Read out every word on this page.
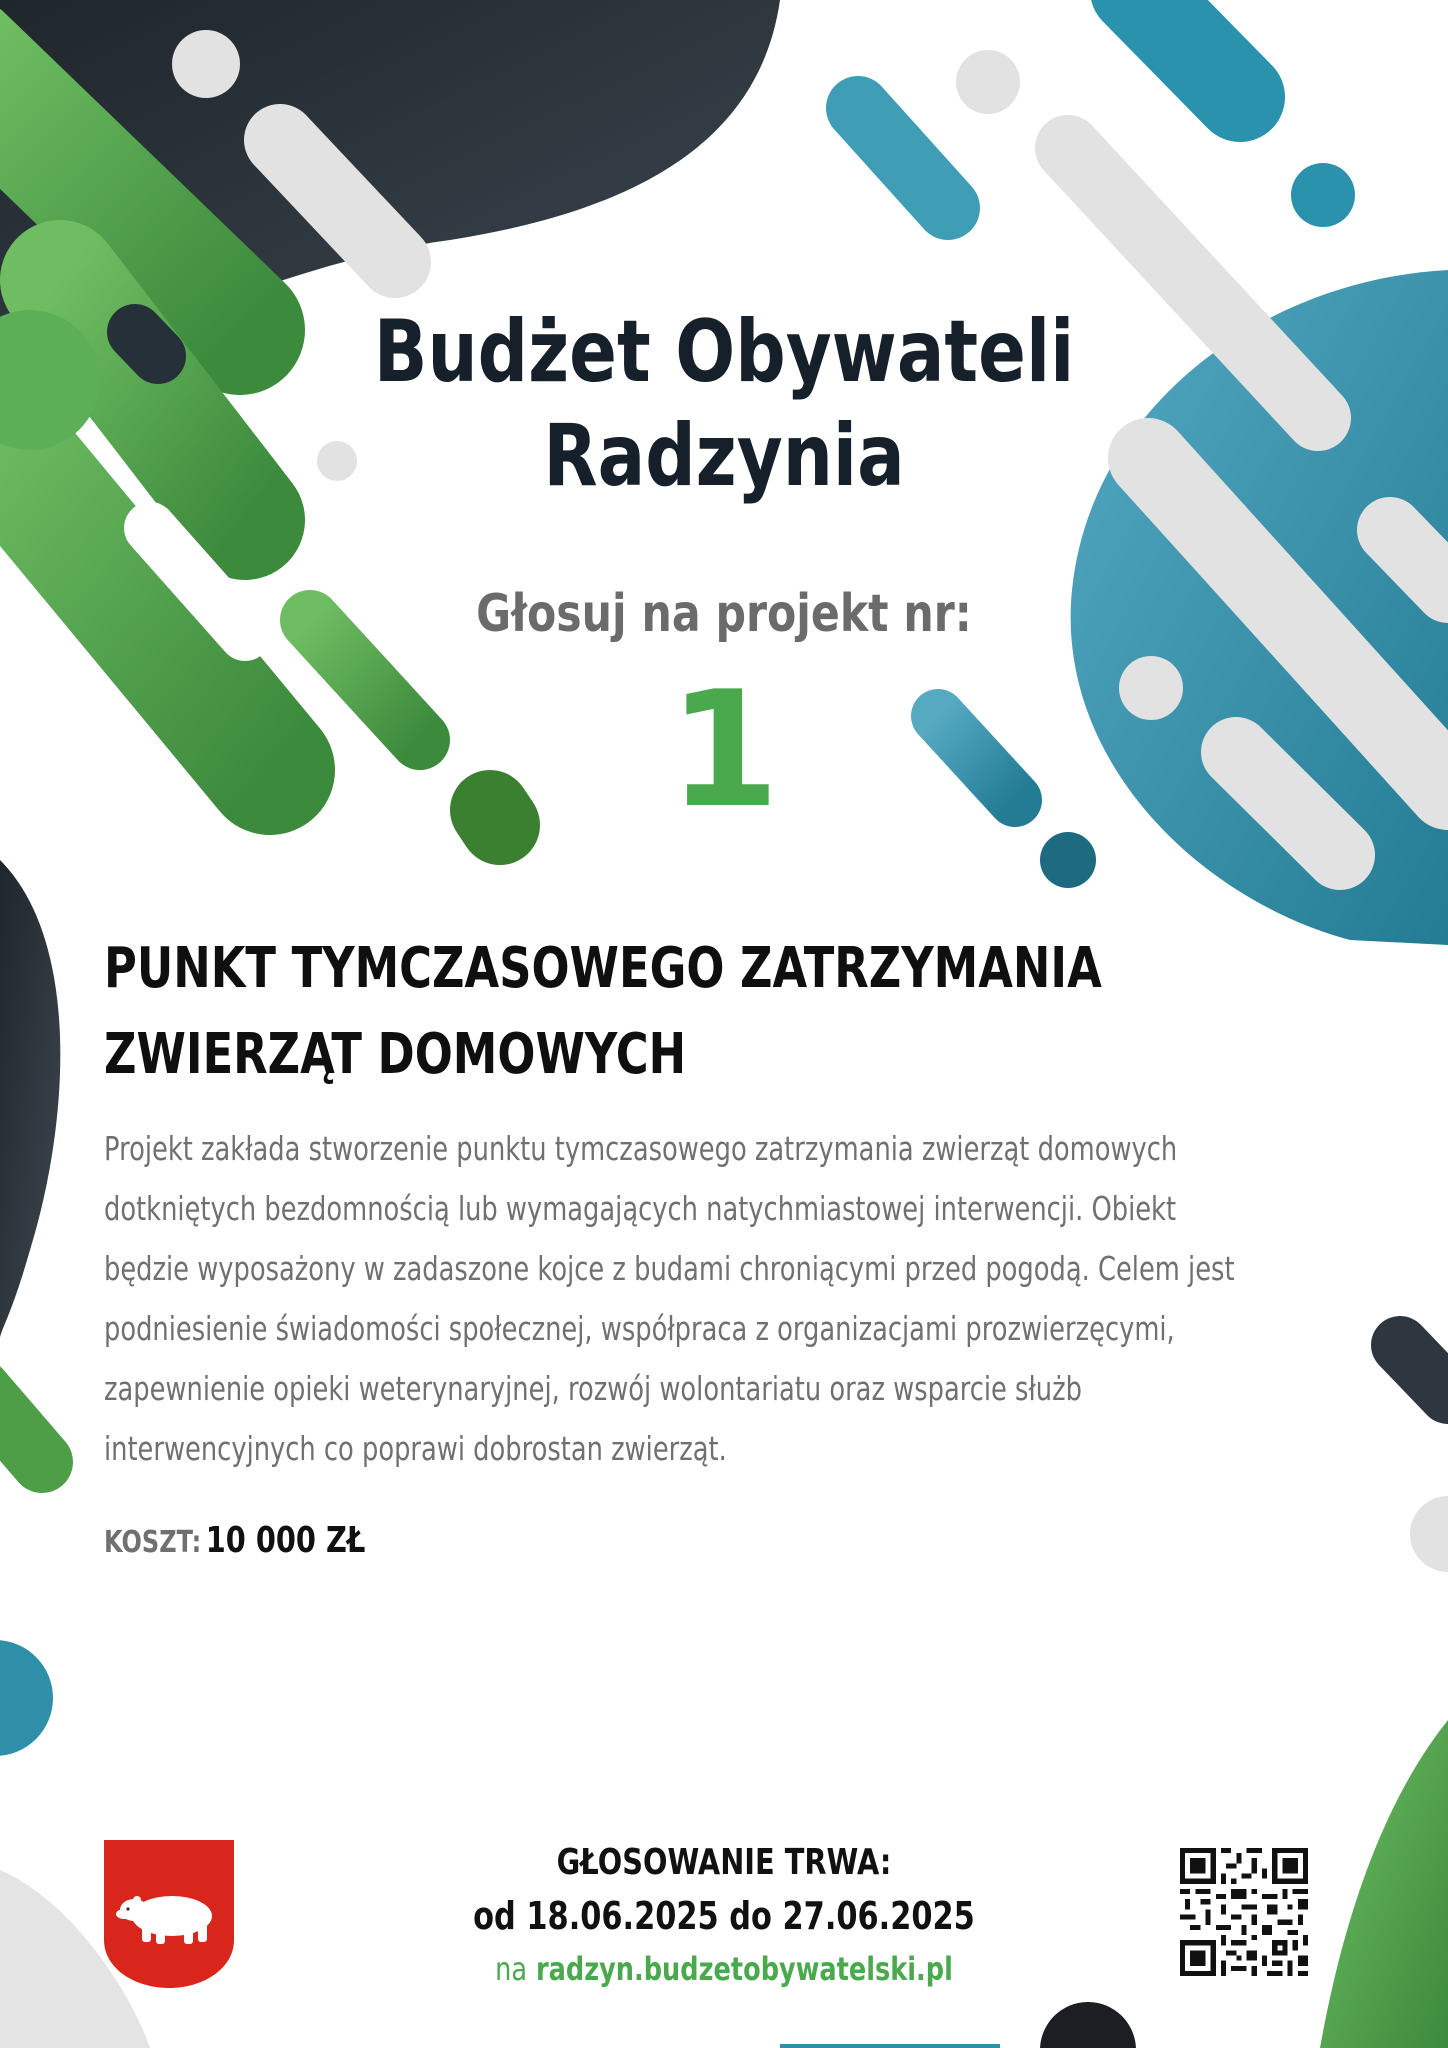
Budżet Obywateli
Radzynia
Głosuj na projekt nr:
1
PUNKT TYMCZASOWEGO ZATRZYMANIA ZWIERZĄT DOMOWYCH
Projekt zakłada stworzenie punktu tymczasowego zatrzymania zwierząt domowych
dotkniętych bezdomnością lub wymagających natychmiastowej interwencji. Obiekt
będzie wyposażony w zadaszone kojce z budami chroniącymi przed pogodą. Celem jest
podniesienie świadomości społecznej, współpraca z organizacjami prozwierzęcymi,
zapewnienie opieki weterynaryjnej, rozwój wolontariatu oraz wsparcie służb
interwencyjnych co poprawi dobrostan zwierząt.
KOSZT: 10 000 ZŁ
GŁOSOWANIE TRWA:
od 18.06.2025 do 27.06.2025
na radzyn.budzetobywatelski.pl
